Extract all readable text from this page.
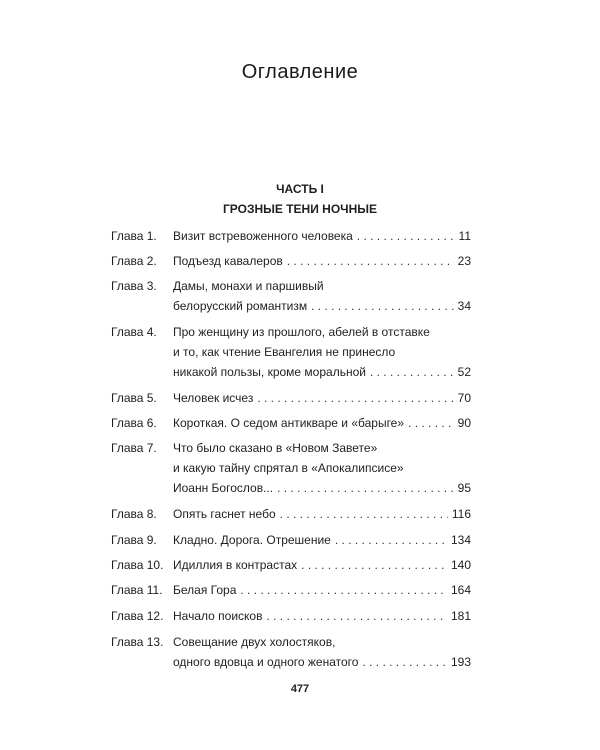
Оглавление
ЧАСТЬ I
ГРОЗНЫЕ ТЕНИ НОЧНЫЕ
Глава 1.	Визит встревоженного человека . . .	11
Глава 2.	Подъезд кавалеров . . .	23
Глава 3.	Дамы, монахи и паршивый
белорусский романтизм . . .	34
Глава 4.	Про женщину из прошлого, абелей в отставке
и то, как чтение Евангелия не принесло
никакой пользы, кроме моральной . . .	52
Глава 5.	Человек исчез . . .	70
Глава 6.	Короткая. О седом антикваре и «барыге» . . .	90
Глава 7.	Что было сказано в «Новом Завете»
и какую тайну спрятал в «Апокалипсисе»
Иоанн Богослов... . . .	95
Глава 8.	Опять гаснет небо . . .	116
Глава 9.	Кладно. Дорога. Отрешение . . .	134
Глава 10. Идиллия в контрастах . . .	140
Глава 11. Белая Гора . . .	164
Глава 12. Начало поисков . . .	181
Глава 13. Совещание двух холостяков,
одного вдовца и одного женатого . . .	193
477
